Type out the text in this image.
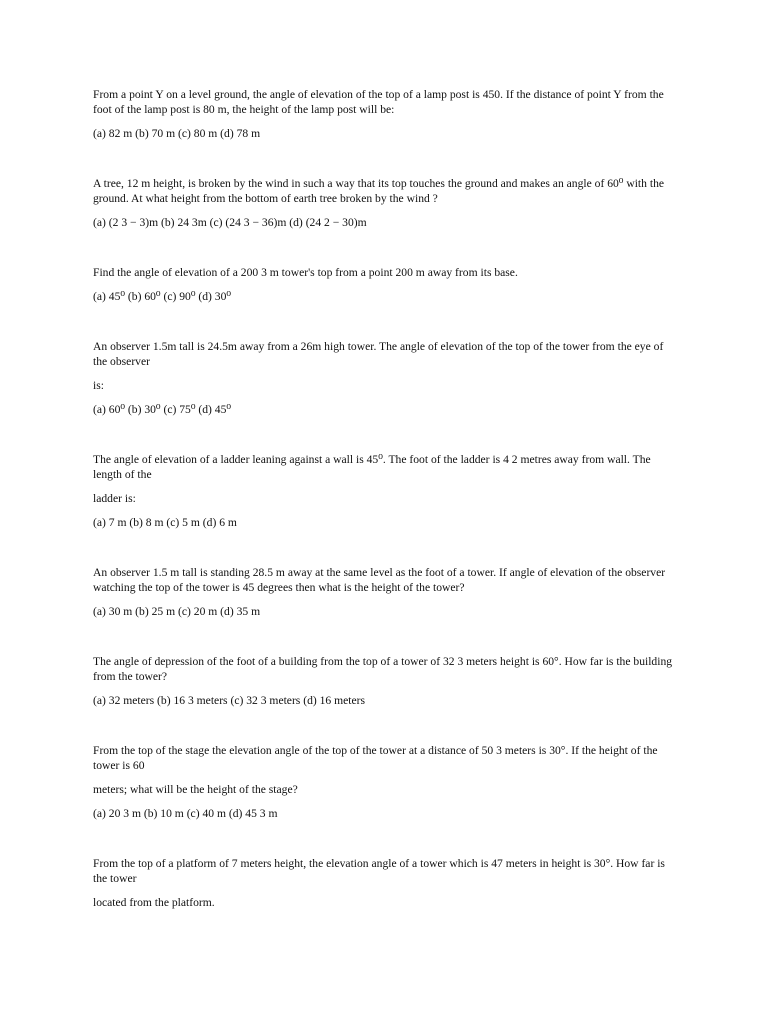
From a point Y on a level ground, the angle of elevation of the top of a lamp post is 450. If the distance of point Y from the foot of the lamp post is 80 m, the height of the lamp post will be:

(a) 82 m (b) 70 m (c) 80 m (d) 78 m

A tree, 12 m height, is broken by the wind in such a way that its top touches the ground and makes an angle of 60⁰ with the ground. At what height from the bottom of earth tree broken by the wind ?

(a) (2 3 − 3)m (b) 24 3m (c) (24 3 − 36)m (d) (24 2 − 30)m

Find the angle of elevation of a 200 3 m tower's top from a point 200 m away from its base.

(a) 45⁰ (b) 60⁰ (c) 90⁰ (d) 30⁰

An observer 1.5m tall is 24.5m away from a 26m high tower. The angle of elevation of the top of the tower from the eye of the observer

is:

(a) 60⁰ (b) 30⁰ (c) 75⁰ (d) 45⁰

The angle of elevation of a ladder leaning against a wall is 45⁰. The foot of the ladder is 4 2 metres away from wall. The length of the

ladder is:

(a) 7 m (b) 8 m (c) 5 m (d) 6 m

An observer 1.5 m tall is standing 28.5 m away at the same level as the foot of a tower. If angle of elevation of the observer watching the top of the tower is 45 degrees then what is the height of the tower?

(a) 30 m (b) 25 m (c) 20 m (d) 35 m

The angle of depression of the foot of a building from the top of a tower of 32 3 meters height is 60°. How far is the building from the tower?

(a) 32 meters (b) 16 3 meters (c) 32 3 meters (d) 16 meters

From the top of the stage the elevation angle of the top of the tower at a distance of 50 3 meters is 30°. If the height of the tower is 60

meters; what will be the height of the stage?

(a) 20 3 m (b) 10 m (c) 40 m (d) 45 3 m

From the top of a platform of 7 meters height, the elevation angle of a tower which is 47 meters in height is 30°. How far is the tower

located from the platform.
